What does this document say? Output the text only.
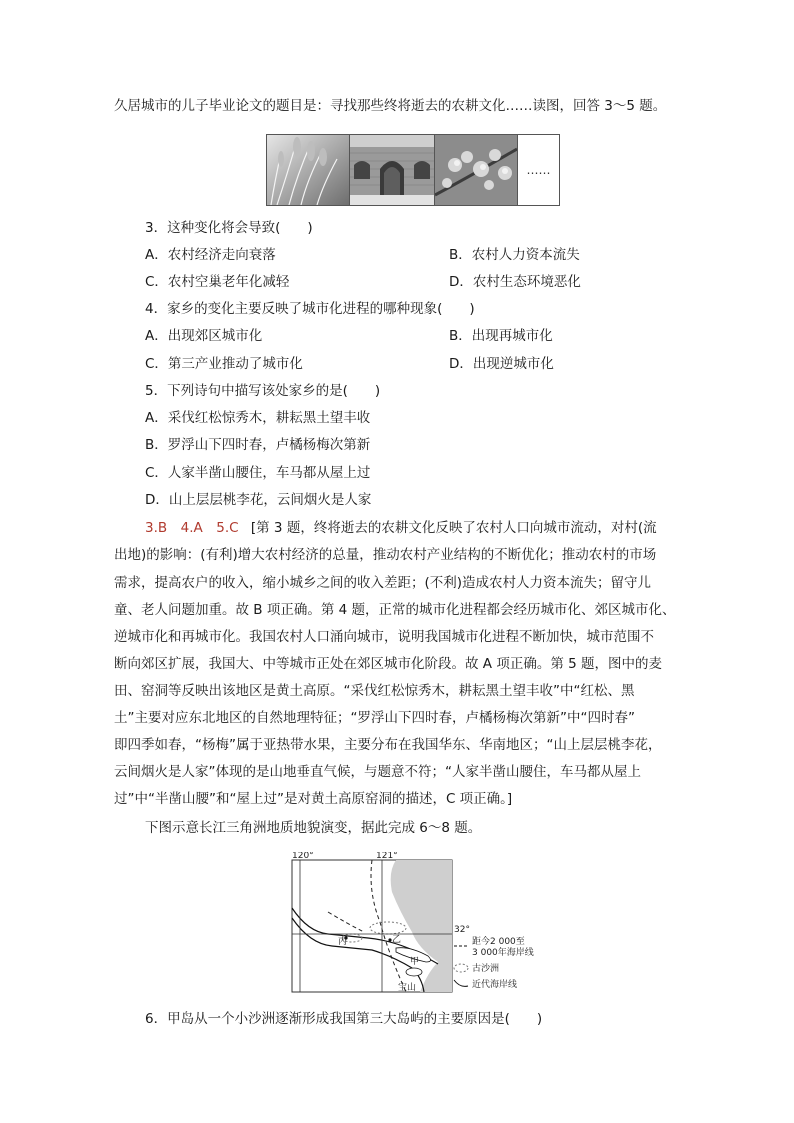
久居城市的儿子毕业论文的题目是：寻找那些终将逝去的农耕文化……读图，回答 3～5 题。
……
3．这种变化将会导致(　　)
A．农村经济走向衰落	B．农村人力资本流失
C．农村空巢老年化减轻	D．农村生态环境恶化
4．家乡的变化主要反映了城市化进程的哪种现象(　　)
A．出现郊区城市化	B．出现再城市化
C．第三产业推动了城市化	D．出现逆城市化
5．下列诗句中描写该处家乡的是(　　)
A．采伐红松惊秀木，耕耘黑土望丰收
B．罗浮山下四时春，卢橘杨梅次第新
C．人家半凿山腰住，车马都从屋上过
D．山上层层桃李花，云间烟火是人家
3.B　4.A　5.C [第 3 题，终将逝去的农耕文化反映了农村人口向城市流动，对村(流
出地)的影响：(有利)增大农村经济的总量，推动农村产业结构的不断优化；推动农村的市场
需求，提高农户的收入，缩小城乡之间的收入差距；(不利)造成农村人力资本流失；留守儿
童、老人问题加重。故 B 项正确。第 4 题，正常的城市化进程都会经历城市化、郊区城市化、
逆城市化和再城市化。我国农村人口涌向城市，说明我国城市化进程不断加快，城市范围不
断向郊区扩展，我国大、中等城市正处在郊区城市化阶段。故 A 项正确。第 5 题，图中的麦
田、窑洞等反映出该地区是黄土高原。“采伐红松惊秀木，耕耘黑土望丰收”中“红松、黑
土”主要对应东北地区的自然地理特征；“罗浮山下四时春，卢橘杨梅次第新”中“四时春”
即四季如春，“杨梅”属于亚热带水果，主要分布在我国华东、华南地区；“山上层层桃李花，
云间烟火是人家”体现的是山地垂直气候，与题意不符；“人家半凿山腰住，车马都从屋上
过”中“半凿山腰”和“屋上过”是对黄土高原窑洞的描述，C 项正确。]
下图示意长江三角洲地质地貌演变，据此完成 6～8 题。
120°	121°
32°
丙	乙
甲
宝山
距今2 000至
3 000年海岸线
古沙洲
近代海岸线
6．甲岛从一个小沙洲逐渐形成我国第三大岛屿的主要原因是(　　)
